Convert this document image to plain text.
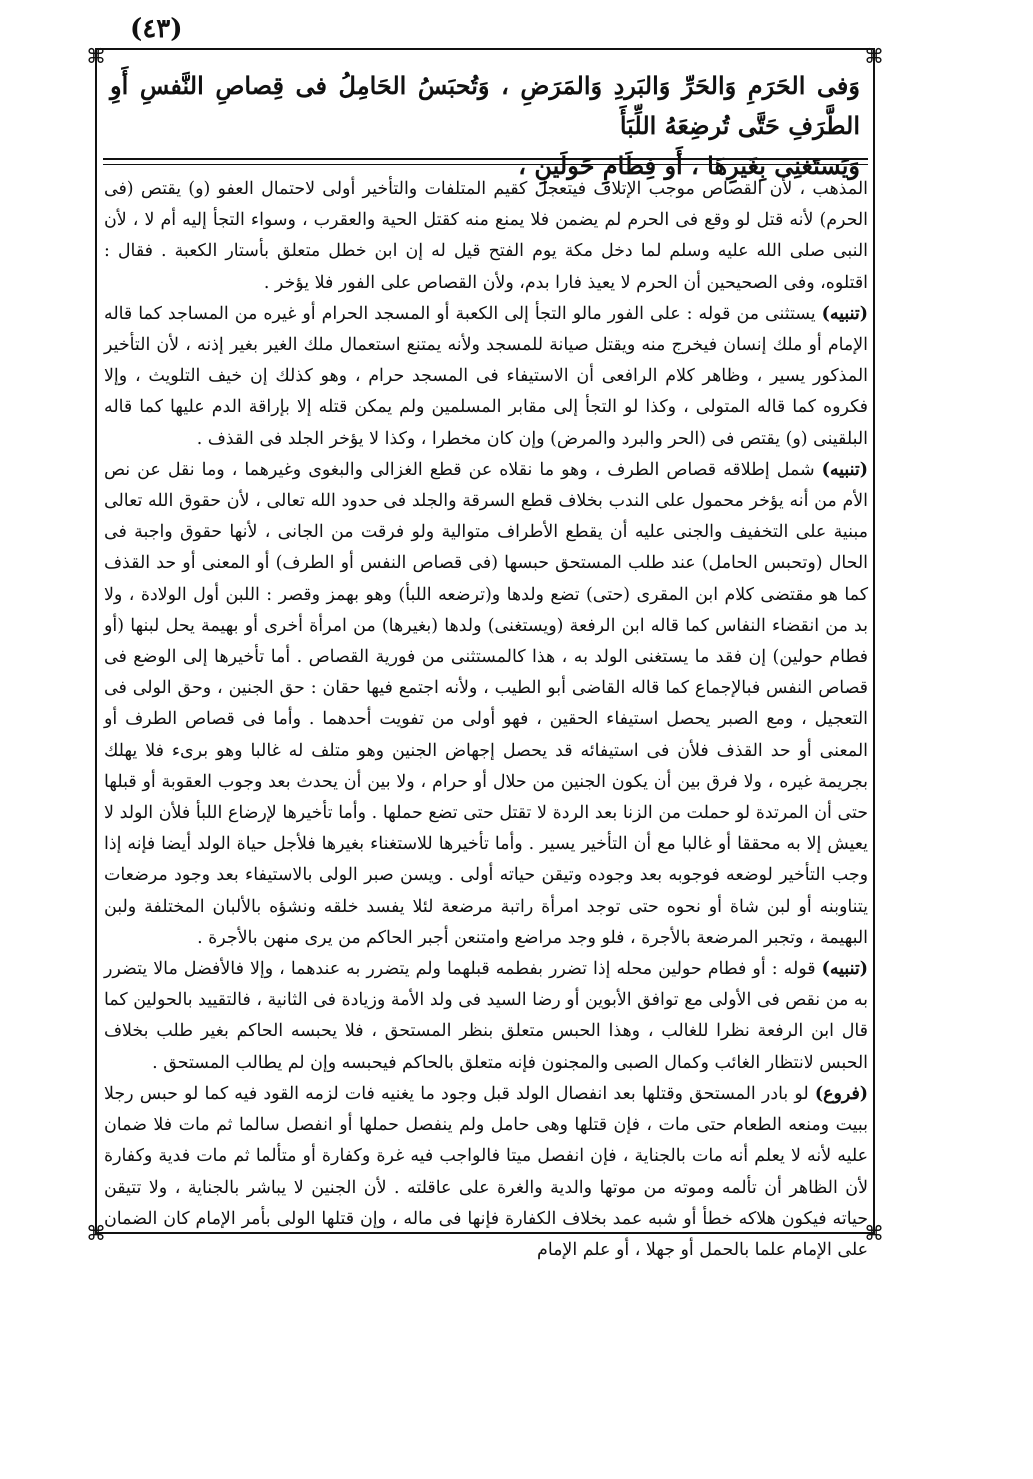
⌘	⌘
⌘	⌘
(٤٣)

وَفى الحَرَمِ وَالحَرِّ وَالبَردِ وَالمَرَضِ ، وَتُحبَسُ الحَامِلُ فى قِصاصِ النَّفسِ أَوِ الطَّرَفِ حَتَّى تُرضِعَهُ اللِّبَأَ

وَيَستَغنِى بِغَيرِهَا ، أَو فِطَامِ حَولَينِ ،

المذهب ، لأن القصاص موجب الإتلاف فيتعجل كقيم المتلفات والتأخير أولى لاحتمال العفو (و) يقتص (فى الحرم) لأنه قتل لو وقع فى الحرم لم يضمن فلا يمنع منه كقتل الحية والعقرب ، وسواء التجأ إليه أم لا ، لأن النبى صلى الله عليه وسلم لما دخل مكة يوم الفتح قيل له إن ابن خطل متعلق بأستار الكعبة . فقال : اقتلوه، وفى الصحيحين أن الحرم لا يعيذ فارا بدم، ولأن القصاص على الفور فلا يؤخر .

(تنبيه) يستثنى من قوله : على الفور مالو التجأ إلى الكعبة أو المسجد الحرام أو غيره من المساجد كما قاله الإمام أو ملك إنسان فيخرج منه ويقتل صيانة للمسجد ولأنه يمتنع استعمال ملك الغير بغير إذنه ، لأن التأخير المذكور يسير ، وظاهر كلام الرافعى أن الاستيفاء فى المسجد حرام ، وهو كذلك إن خيف التلويث ، وإلا فكروه كما قاله المتولى ، وكذا لو التجأ إلى مقابر المسلمين ولم يمكن قتله إلا بإراقة الدم عليها كما قاله البلقينى (و) يقتص فى (الحر والبرد والمرض) وإن كان مخطرا ، وكذا لا يؤخر الجلد فى القذف .

(تنبيه) شمل إطلاقه قصاص الطرف ، وهو ما نقلاه عن قطع الغزالى والبغوى وغيرهما ، وما نقل عن نص الأم من أنه يؤخر محمول على الندب بخلاف قطع السرقة والجلد فى حدود الله تعالى ، لأن حقوق الله تعالى مبنية على التخفيف والجنى عليه أن يقطع الأطراف متوالية ولو فرقت من الجانى ، لأنها حقوق واجبة فى الحال (وتحبس الحامل) عند طلب المستحق حبسها (فى قصاص النفس أو الطرف) أو المعنى أو حد القذف كما هو مقتضى كلام ابن المقرى (حتى) تضع ولدها و(ترضعه اللبأ) وهو بهمز وقصر : اللبن أول الولادة ، ولا بد من انقضاء النفاس كما قاله ابن الرفعة (ويستغنى) ولدها (بغيرها) من امرأة أخرى أو بهيمة يحل لبنها (أو فطام حولين) إن فقد ما يستغنى الولد به ، هذا كالمستثنى من فورية القصاص . أما تأخيرها إلى الوضع فى قصاص النفس فبالإجماع كما قاله القاضى أبو الطيب ، ولأنه اجتمع فيها حقان : حق الجنين ، وحق الولى فى التعجيل ، ومع الصبر يحصل استيفاء الحقين ، فهو أولى من تفويت أحدهما . وأما فى قصاص الطرف أو المعنى أو حد القذف فلأن فى استيفائه قد يحصل إجهاض الجنين وهو متلف له غالبا وهو برىء فلا يهلك بجريمة غيره ، ولا فرق بين أن يكون الجنين من حلال أو حرام ، ولا بين أن يحدث بعد وجوب العقوبة أو قبلها حتى أن المرتدة لو حملت من الزنا بعد الردة لا تقتل حتى تضع حملها . وأما تأخيرها لإرضاع اللبأ فلأن الولد لا يعيش إلا به محققا أو غالبا مع أن التأخير يسير . وأما تأخيرها للاستغناء بغيرها فلأجل حياة الولد أيضا فإنه إذا وجب التأخير لوضعه فوجوبه بعد وجوده وتيقن حياته أولى . ويسن صبر الولى بالاستيفاء بعد وجود مرضعات يتناوبنه أو لبن شاة أو نحوه حتى توجد امرأة راتبة مرضعة لئلا يفسد خلقه ونشؤه بالألبان المختلفة ولبن البهيمة ، وتجبر المرضعة بالأجرة ، فلو وجد مراضع وامتنعن أجبر الحاكم من يرى منهن بالأجرة .

(تنبيه) قوله : أو فطام حولين محله إذا تضرر بفطمه قبلهما ولم يتضرر به عندهما ، وإلا فالأفضل مالا يتضرر به من نقص فى الأولى مع توافق الأبوين أو رضا السيد فى ولد الأمة وزيادة فى الثانية ، فالتقييد بالحولين كما قال ابن الرفعة نظرا للغالب ، وهذا الحبس متعلق بنظر المستحق ، فلا يحبسه الحاكم بغير طلب بخلاف الحبس لانتظار الغائب وكمال الصبى والمجنون فإنه متعلق بالحاكم فيحبسه وإن لم يطالب المستحق .

(فروع) لو بادر المستحق وقتلها بعد انفصال الولد قبل وجود ما يغنيه فات لزمه القود فيه كما لو حبس رجلا ببيت ومنعه الطعام حتى مات ، فإن قتلها وهى حامل ولم ينفصل حملها أو انفصل سالما ثم مات فلا ضمان عليه لأنه لا يعلم أنه مات بالجناية ، فإن انفصل ميتا فالواجب فيه غرة وكفارة أو متألما ثم مات فدية وكفارة لأن الظاهر أن تألمه وموته من موتها والدية والغرة على عاقلته . لأن الجنين لا يباشر بالجناية ، ولا تتيقن حياته فيكون هلاكه خطأ أو شبه عمد بخلاف الكفارة فإنها فى ماله ، وإن قتلها الولى بأمر الإمام كان الضمان على الإمام علما بالحمل أو جهلا ، أو علم الإمام
